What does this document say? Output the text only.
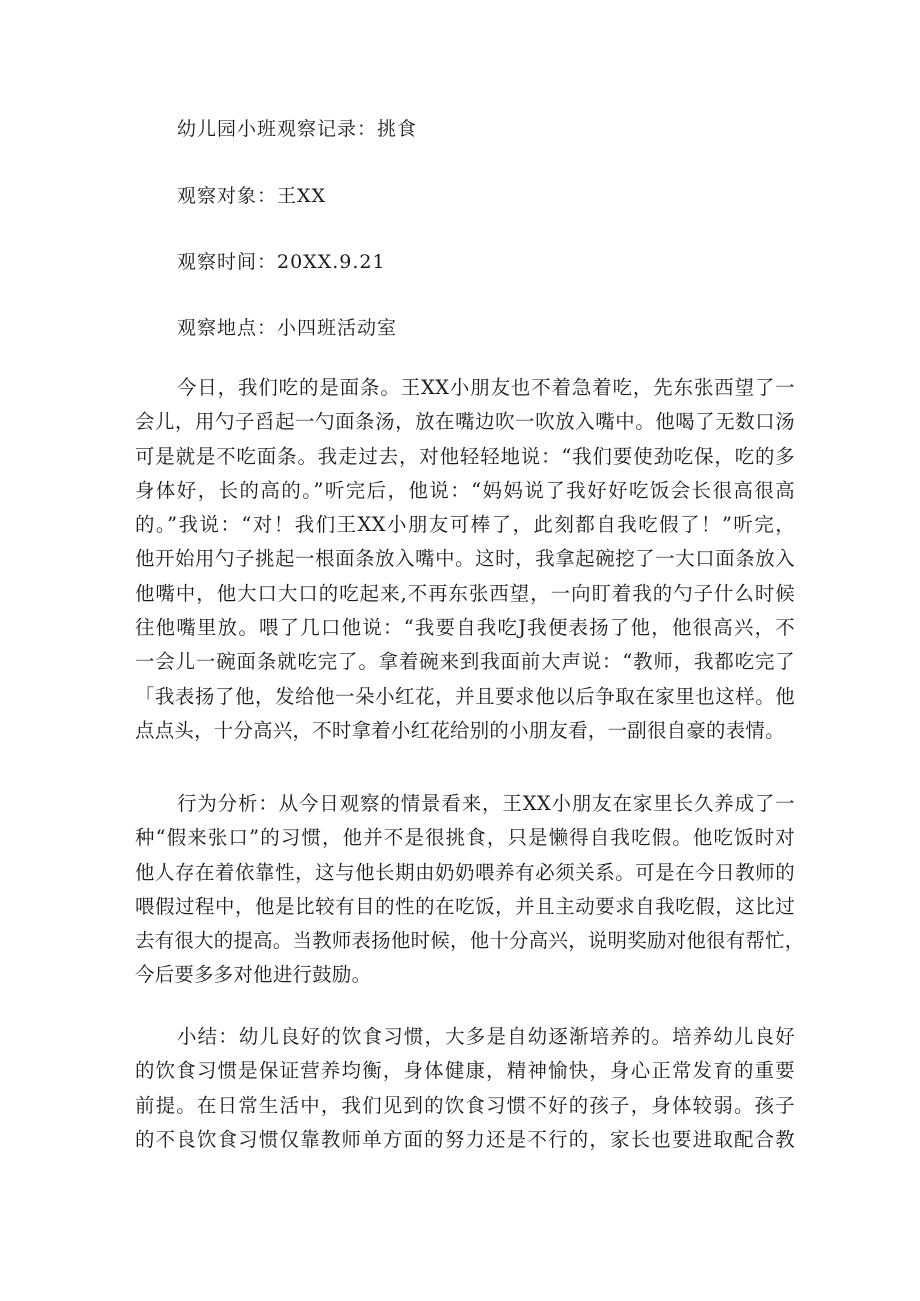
幼儿园小班观察记录：挑食
观察对象：王XX
观察时间：20XX.9.21
观察地点：小四班活动室
今日，我们吃的是面条。王XX小朋友也不着急着吃，先东张西望了一
会儿，用勺子舀起一勺面条汤，放在嘴边吹一吹放入嘴中。他喝了无数口汤
可是就是不吃面条。我走过去，对他轻轻地说：“我们要使劲吃保，吃的多
身体好，长的高的。”听完后，他说：“妈妈说了我好好吃饭会长很高很高
的。”我说：“对！我们王XX小朋友可棒了，此刻都自我吃假了！”听完，
他开始用勺子挑起一根面条放入嘴中。这时，我拿起碗挖了一大口面条放入
他嘴中，他大口大口的吃起来,不再东张西望，一向盯着我的勺子什么时候
往他嘴里放。喂了几口他说：“我要自我吃J我便表扬了他，他很高兴，不
一会儿一碗面条就吃完了。拿着碗来到我面前大声说：“教师，我都吃完了
「我表扬了他，发给他一朵小红花，并且要求他以后争取在家里也这样。他
点点头，十分高兴，不时拿着小红花给别的小朋友看，一副很自豪的表情。
行为分析：从今日观察的情景看来，王XX小朋友在家里长久养成了一
种“假来张口”的习惯，他并不是很挑食，只是懒得自我吃假。他吃饭时对
他人存在着依靠性，这与他长期由奶奶喂养有必须关系。可是在今日教师的
喂假过程中，他是比较有目的性的在吃饭，并且主动要求自我吃假，这比过
去有很大的提高。当教师表扬他时候，他十分高兴，说明奖励对他很有帮忙，
今后要多多对他进行鼓励。
小结：幼儿良好的饮食习惯，大多是自幼逐渐培养的。培养幼儿良好
的饮食习惯是保证营养均衡，身体健康，精神愉快，身心正常发育的重要
前提。在日常生活中，我们见到的饮食习惯不好的孩子，身体较弱。孩子
的不良饮食习惯仅靠教师单方面的努力还是不行的，家长也要进取配合教
